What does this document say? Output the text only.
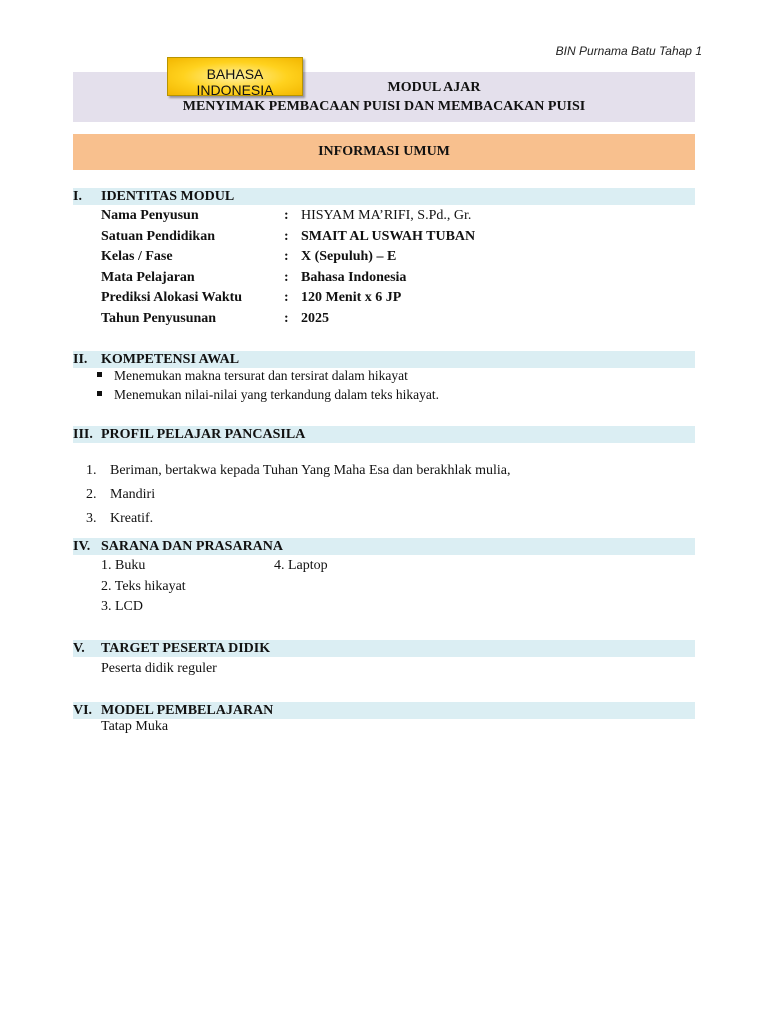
BIN Purnama Batu Tahap 1
MODUL AJAR
MENYIMAK PEMBACAAN PUISI DAN MEMBACAKAN PUISI
BAHASA INDONESIA
INFORMASI UMUM
I. IDENTITAS MODUL
Nama Penyusun	: HISYAM MA’RIFI, S.Pd., Gr.
Satuan Pendidikan	: SMAIT AL USWAH TUBAN
Kelas / Fase	: X (Sepuluh) – E
Mata Pelajaran	: Bahasa Indonesia
Prediksi Alokasi Waktu	: 120 Menit x 6 JP
Tahun Penyusunan	: 2025
II. KOMPETENSI AWAL
Menemukan makna tersurat dan tersirat dalam hikayat
Menemukan nilai-nilai yang terkandung dalam teks hikayat.
III. PROFIL PELAJAR PANCASILA
1. Beriman, bertakwa kepada Tuhan Yang Maha Esa dan berakhlak mulia,
2. Mandiri
3. Kreatif.
IV. SARANA DAN PRASARANA
1. Buku	4. Laptop
2. Teks hikayat
3. LCD
V. TARGET PESERTA DIDIK
Peserta didik reguler
VI. MODEL PEMBELAJARAN
Tatap Muka
